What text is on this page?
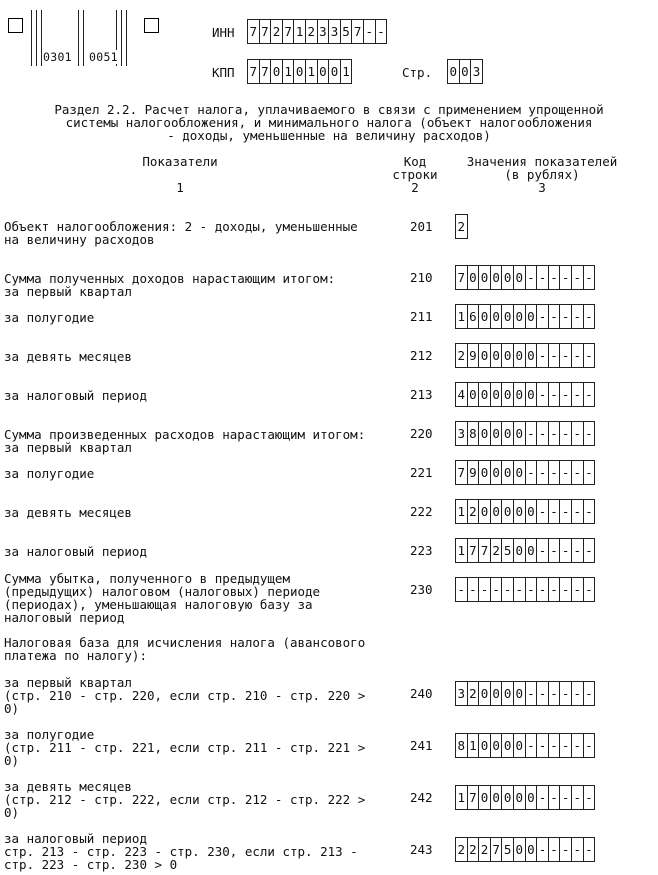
0301 0051
ИНН 7 7 2 7 1 2 3 3 5 7 - -
КПП 7 7 0 1 0 1 0 0 1	Стр. 0 0 3
Раздел 2.2. Расчет налога, уплачиваемого в связи с применением упрощенной
системы налогообложения, и минимального налога (объект налогообложения
- доходы, уменьшенные на величину расходов)
Показатели
1
Код
строки
2
Значения показателей
(в рублях)
3
Объект налогообложения: 2 - доходы, уменьшенные
на величину расходов
201 2
Сумма полученных доходов нарастающим итогом:
за первый квартал
210 7 0 0 0 0 0 - - - - - -
за полугодие	211 1 6 0 0 0 0 0 - - - - -
за девять месяцев	212 2 9 0 0 0 0 0 - - - - -
за налоговый период	213 4 0 0 0 0 0 0 - - - - -
Сумма произведенных расходов нарастающим итогом:
за первый квартал
220 3 8 0 0 0 0 - - - - - -
за полугодие	221 7 9 0 0 0 0 - - - - - -
за девять месяцев	222 1 2 0 0 0 0 0 - - - - -
за налоговый период	223 1 7 7 2 5 0 0 - - - - -
Сумма убытка, полученного в предыдущем
(предыдущих) налоговом (налоговых) периоде
(периодах), уменьшающая налоговую базу за
налоговый период
230 - - - - - - - - - - - -
Налоговая база для исчисления налога (авансового
платежа по налогу):
за первый квартал
(стр. 210 - стр. 220, если стр. 210 - стр. 220 >
0)
240 3 2 0 0 0 0 - - - - - -
за полугодие
(стр. 211 - стр. 221, если стр. 211 - стр. 221 >
0)
241 8 1 0 0 0 0 - - - - - -
за девять месяцев
(стр. 212 - стр. 222, если стр. 212 - стр. 222 >
0)
242 1 7 0 0 0 0 0 - - - - -
за налоговый период
стр. 213 - стр. 223 - стр. 230, если стр. 213 -
стр. 223 - стр. 230 > 0
243 2 2 2 7 5 0 0 - - - - -
